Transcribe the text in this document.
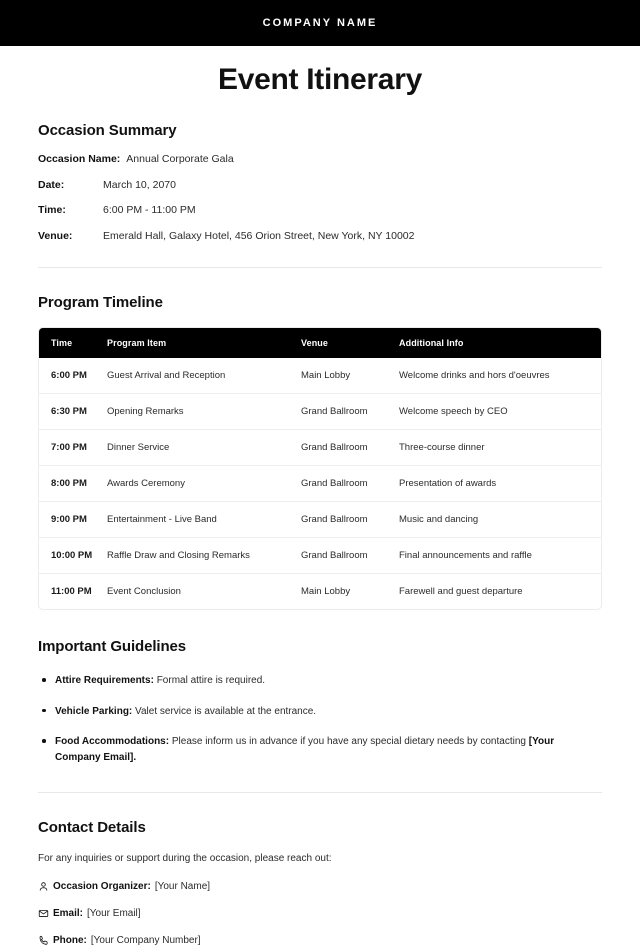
COMPANY NAME
Event Itinerary
Occasion Summary
Occasion Name: Annual Corporate Gala
Date:	March 10, 2070
Time:	6:00 PM - 11:00 PM
Venue:	Emerald Hall, Galaxy Hotel, 456 Orion Street, New York, NY 10002
Program Timeline
Time	Program Item	Venue	Additional Info
6:00 PM	Guest Arrival and Reception	Main Lobby	Welcome drinks and hors d'oeuvres
6:30 PM	Opening Remarks	Grand Ballroom	Welcome speech by CEO
7:00 PM	Dinner Service	Grand Ballroom	Three-course dinner
8:00 PM	Awards Ceremony	Grand Ballroom	Presentation of awards
9:00 PM	Entertainment - Live Band	Grand Ballroom	Music and dancing
10:00 PM	Raffle Draw and Closing Remarks	Grand Ballroom	Final announcements and raffle
11:00 PM	Event Conclusion	Main Lobby	Farewell and guest departure
Important Guidelines
Attire Requirements: Formal attire is required.
Vehicle Parking: Valet service is available at the entrance.
Food Accommodations: Please inform us in advance if you have any special dietary needs by contacting [Your Company Email].
Contact Details

For any inquiries or support during the occasion, please reach out:

Occasion Organizer: [Your Name]
Email: [Your Email]
Phone: [Your Company Number]
